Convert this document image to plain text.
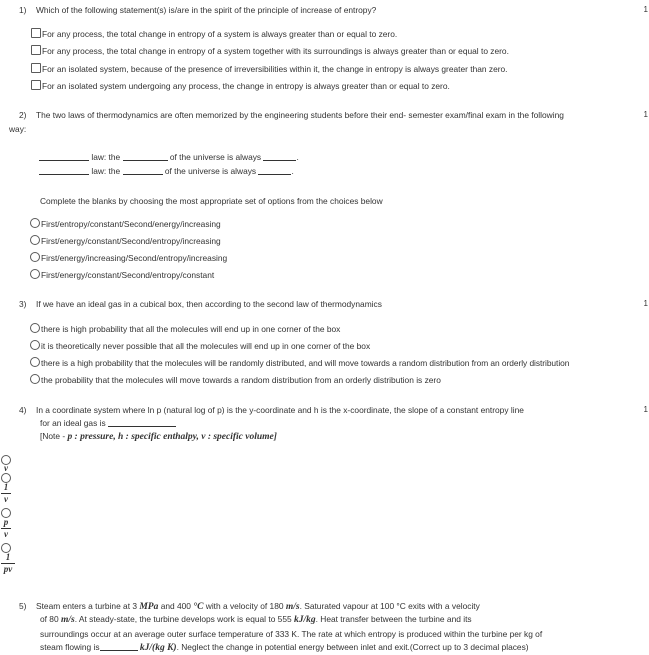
1) Which of the following statement(s) is/are in the spirit of the principle of increase of entropy?	1
For any process, the total change in entropy of a system is always greater than or equal to zero.
For any process, the total change in entropy of a system together with its surroundings is always greater than or equal to zero.
For an isolated system, because of the presence of irreversibilities within it, the change in entropy is always greater than zero.
For an isolated system undergoing any process, the change in entropy is always greater than or equal to zero.
2) The two laws of thermodynamics are often memorized by the engineering students before their end- semester exam/final exam in the following	1
way:
law: the	of the universe is always	.
law: the	of the universe is always	.
Complete the blanks by choosing the most appropriate set of options from the choices below
First/entropy/constant/Second/energy/increasing
First/energy/constant/Second/entropy/increasing
First/energy/increasing/Second/entropy/increasing
First/energy/constant/Second/entropy/constant
3) If we have an ideal gas in a cubical box, then according to the second law of thermodynamics	1
there is high probability that all the molecules will end up in one corner of the box
it is theoretically never possible that all the molecules will end up in one corner of the box
there is a high probability that the molecules will be randomly distributed, and will move towards a random distribution from an orderly distribution
the probability that the molecules will move towards a random distribution from an orderly distribution is zero
4) In a coordinate system where ln p (natural log of p) is the y-coordinate and h is the x-coordinate, the slope of a constant entropy line	1
for an ideal gas is
[Note - p : pressure, h : specific enthalpy, v : specific volume]
v
1
v
p
v
1
pv
5) Steam enters a turbine at 3 MPa and 400 °C with a velocity of 180 m/s. Saturated vapour at 100 °C exits with a velocity
of 80 m/s. At steady-state, the turbine develops work is equal to 555 kJ/kg. Heat transfer between the turbine and its
surroundings occur at an average outer surface temperature of 333 K. The rate at which entropy is produced within the turbine per kg of
steam flowing is	kJ/(kg K). Neglect the change in potential energy between inlet and exit.(Correct up to 3 decimal places)
